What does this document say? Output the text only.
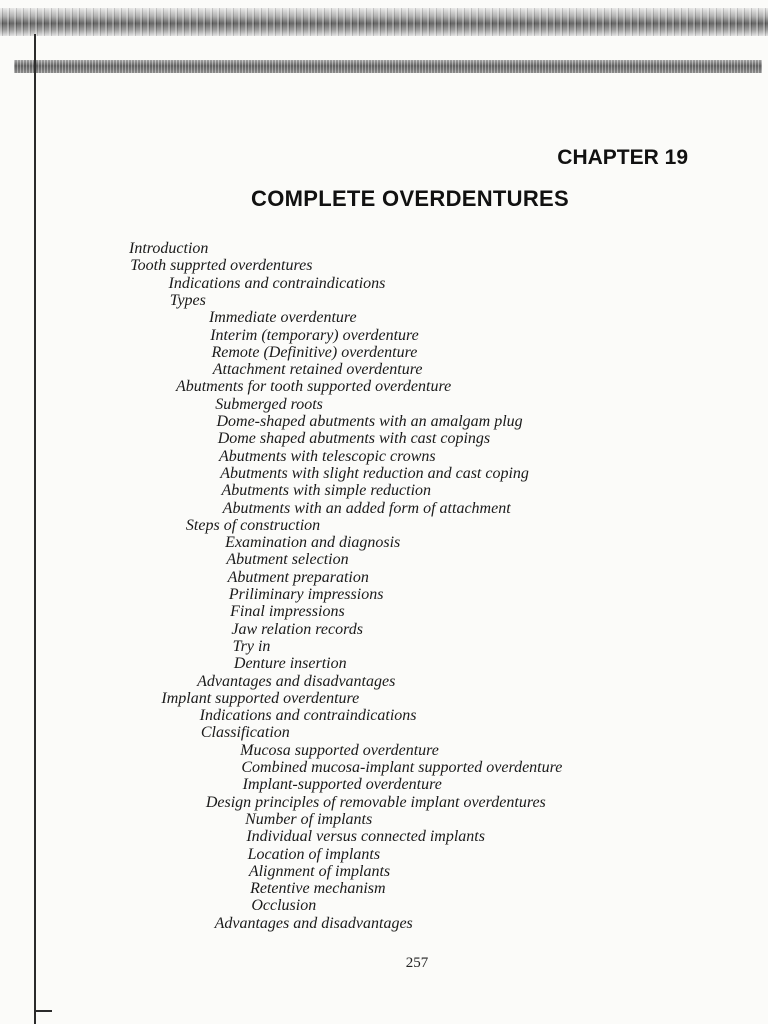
CHAPTER 19
COMPLETE OVERDENTURES
Introduction
Tooth supprted overdentures
Indications and contraindications
Types
Immediate overdenture
Interim (temporary) overdenture
Remote (Definitive) overdenture
Attachment retained overdenture
Abutments for tooth supported overdenture
Submerged roots
Dome-shaped abutments with an amalgam plug
Dome shaped abutments with cast copings
Abutments with telescopic crowns
Abutments with slight reduction and cast coping
Abutments with simple reduction
Abutments with an added form of attachment
Steps of construction
Examination and diagnosis
Abutment selection
Abutment preparation
Priliminary impressions
Final impressions
Jaw relation records
Try in
Denture insertion
Advantages and disadvantages
Implant supported overdenture
Indications and contraindications
Classification
Mucosa supported overdenture
Combined mucosa-implant supported overdenture
Implant-supported overdenture
Design principles of removable implant overdentures
Number of implants
Individual versus connected implants
Location of implants
Alignment of implants
Retentive mechanism
Occlusion
Advantages and disadvantages
257
